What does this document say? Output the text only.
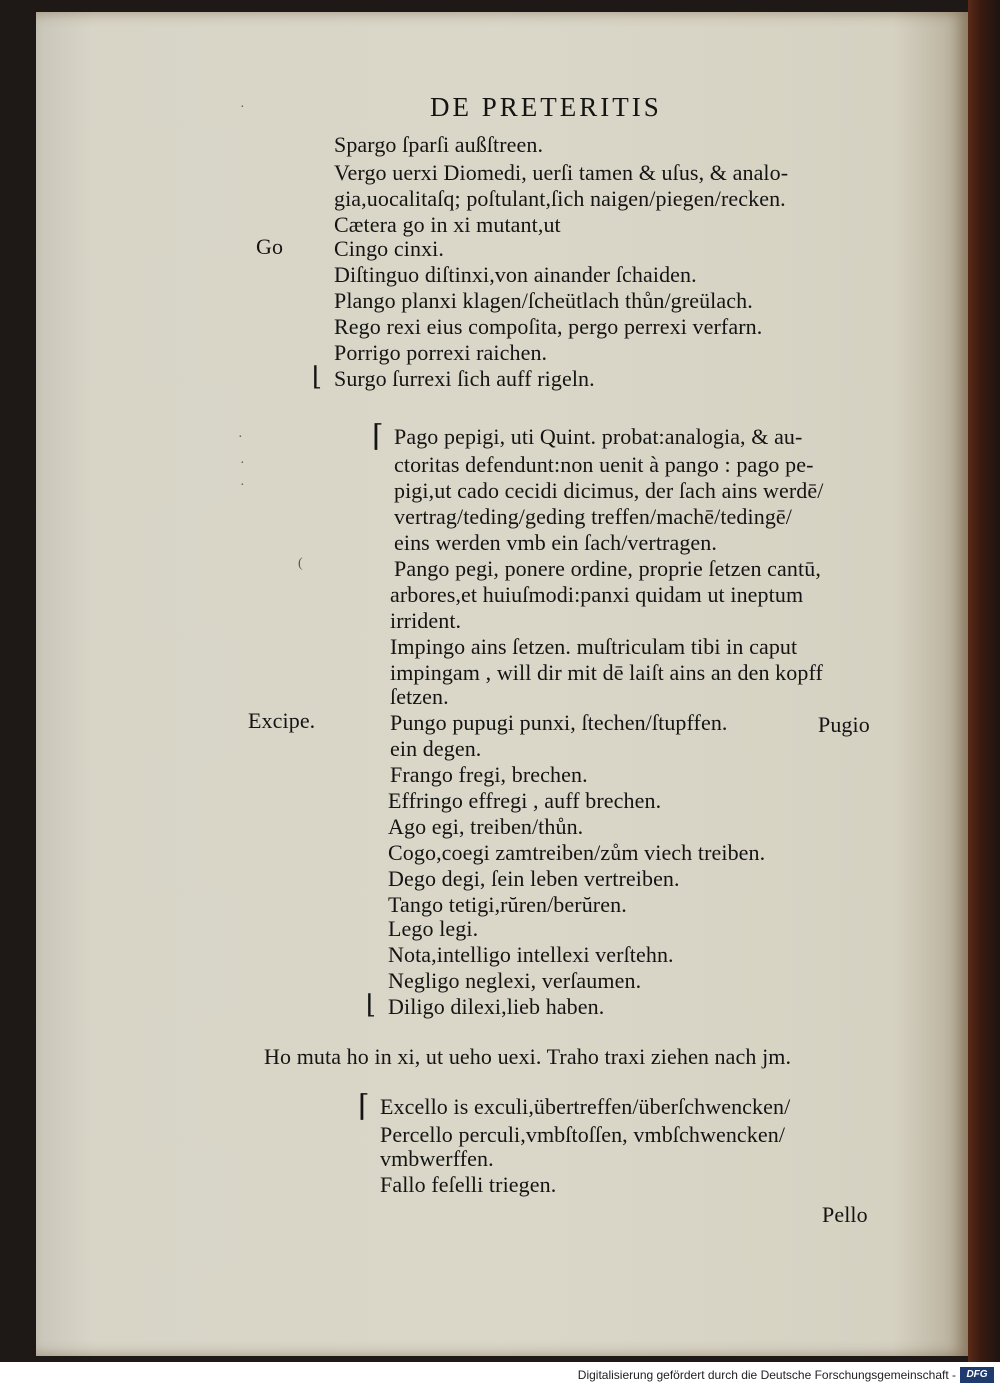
·
·
·
·
(
DE PRETERITIS
Spargo ſparſi außſtreen.
Vergo uerxi Diomedi, uerſi tamen & uſus, & analo-
gia,uocalitaſq; poſtulant,ſich naigen/piegen/recken.
Cætera go in xi mutant,ut
Go Cingo cinxi.
Diſtinguo diſtinxi,von ainander ſchaiden.
Plango planxi klagen/ſcheütlach thůn/greülach.
Rego rexi eius compoſita, pergo perrexi verfarn.
Porrigo porrexi raichen.
⌊ Surgo ſurrexi ſich auff rigeln.
⌈ Pago pepigi, uti Quint. probat:analogia, & au-
ctoritas defendunt:non uenit à pango : pago pe-
pigi,ut cado cecidi dicimus, der ſach ains werdē/
vertrag/teding/geding treffen/machē/tedingē/
eins werden vmb ein ſach/vertragen.
Pango pegi, ponere ordine, proprie ſetzen cantū,
arbores,et huiuſmodi:panxi quidam ut ineptum
irrident.
Impingo ains ſetzen. muſtriculam tibi in caput
impingam , will dir mit dē laiſt ains an den kopff
ſetzen.
Excipe.	Pungo pupugi punxi, ſtechen/ſtupffen.	Pugio
ein degen.
Frango fregi, brechen.
Effringo effregi , auff brechen.
Ago egi, treiben/thůn.
Cogo,coegi zamtreiben/zům viech treiben.
Dego degi, ſein leben vertreiben.
Tango tetigi,rŭren/berŭren.
Lego legi.
Nota,intelligo intellexi verſtehn.
Negligo neglexi, verſaumen.
⌊ Diligo dilexi,lieb haben.
Ho muta ho in xi, ut ueho uexi. Traho traxi ziehen nach jm.
⌈ Excello is exculi,übertreffen/überſchwencken/
Percello perculi,vmbſtoſſen, vmbſchwencken/
vmbwerffen.
Fallo feſelli triegen.
Pello
Digitalisierung gefördert durch die Deutsche Forschungsgemeinschaft -	DFG
